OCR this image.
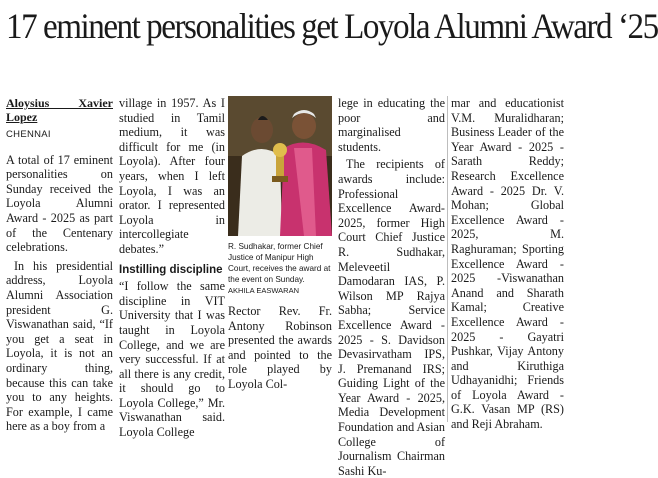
17 eminent personalities get Loyola Alumni Award ‘25
Aloysius Xavier Lopez
CHENNAI

A total of 17 eminent personalities on Sunday received the Loyola Alumni Award - 2025 as part of the Centenary celebrations.

In his presidential address, Loyola Alumni Association president G. Viswanathan said, “If you get a seat in Loyola, it is not an ordinary thing, because this can take you to any heights. For example, I came here as a boy from a

village in 1957. As I studied in Tamil medium, it was difficult for me (in Loyola). After four years, when I left Loyola, I was an orator. I represented Loyola in intercollegiate debates.”

Instilling discipline

“I follow the same discipline in VIT University that I was taught in Loyola College, and we are very successful. If at all there is any credit, it should go to Loyola College,” Mr. Viswanathan said. Loyola College

R. Sudhakar, former Chief Justice of Manipur High Court, receives the award at the event on Sunday. AKHILA EASWARAN

Rector Rev. Fr. Antony Robinson presented the awards and pointed to the role played by Loyola Col-

lege in educating the poor and marginalised students.

The recipients of awards include: Professional Excellence Award-2025, former High Court Chief Justice R. Sudhakar, Meleveetil Damodaran IAS, P. Wilson MP Rajya Sabha; Service Excellence Award - 2025 - S. Davidson Devasirvatham IPS, J. Premanand IRS; Guiding Light of the Year Award - 2025, Media Development Foundation and Asian College of Journalism Chairman Sashi Ku-

mar and educationist V.M. Muralidharan; Business Leader of the Year Award - 2025 - Sarath Reddy; Research Excellence Award - 2025 Dr. V. Mohan; Global Excellence Award - 2025, M. Raghuraman; Sporting Excellence Award - 2025 -Viswanathan Anand and Sharath Kamal; Creative Excellence Award - 2025 - Gayatri Pushkar, Vijay Antony and Kiruthiga Udhayanidhi; Friends of Loyola Award - G.K. Vasan MP (RS) and Reji Abraham.
